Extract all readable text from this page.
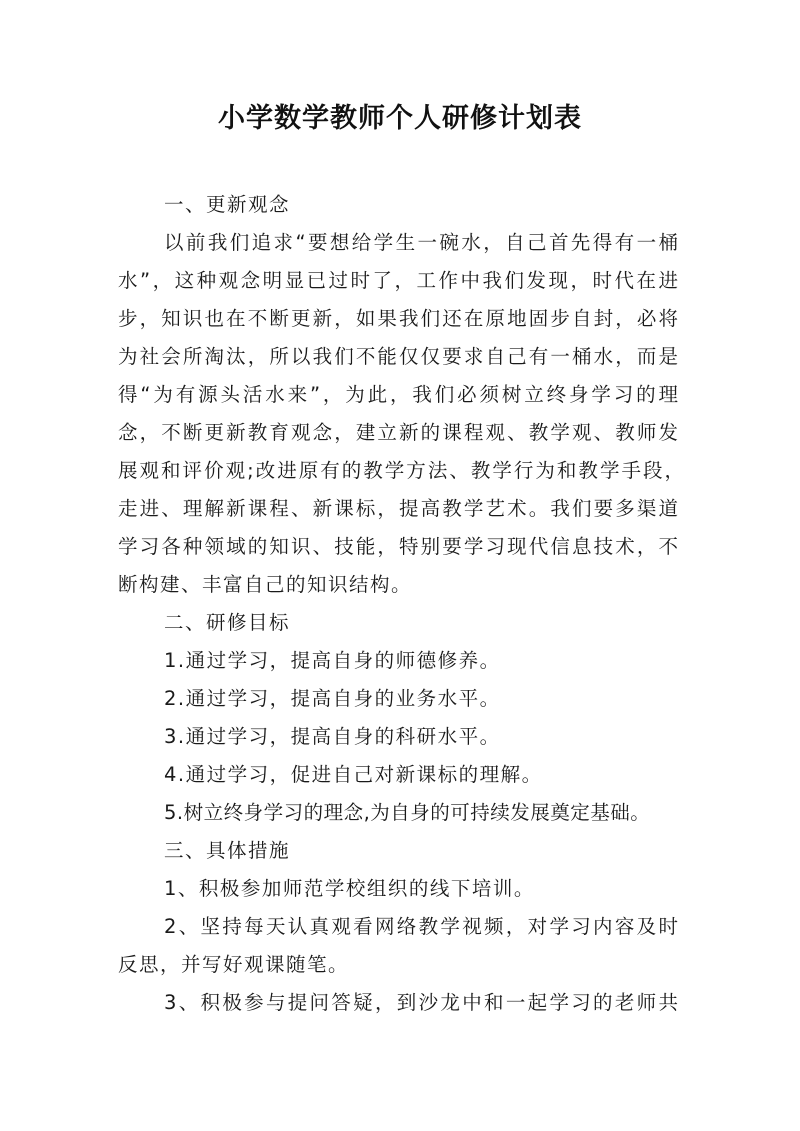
小学数学教师个人研修计划表
一、更新观念
以前我们追求“要想给学生一碗水，自己首先得有一桶
水”，这种观念明显已过时了，工作中我们发现，时代在进
步，知识也在不断更新，如果我们还在原地固步自封，必将
为社会所淘汰，所以我们不能仅仅要求自己有一桶水，而是
得“为有源头活水来”，为此，我们必须树立终身学习的理
念，不断更新教育观念，建立新的课程观、教学观、教师发
展观和评价观;改进原有的教学方法、教学行为和教学手段，
走进、理解新课程、新课标，提高教学艺术。我们要多渠道
学习各种领域的知识、技能，特别要学习现代信息技术，不
断构建、丰富自己的知识结构。
二、研修目标
1.通过学习，提高自身的师德修养。
2.通过学习，提高自身的业务水平。
3.通过学习，提高自身的科研水平。
4.通过学习，促进自己对新课标的理解。
5.树立终身学习的理念,为自身的可持续发展奠定基础。
三、具体措施
1、积极参加师范学校组织的线下培训。
2、坚持每天认真观看网络教学视频，对学习内容及时
反思，并写好观课随笔。
3、积极参与提问答疑，到沙龙中和一起学习的老师共
